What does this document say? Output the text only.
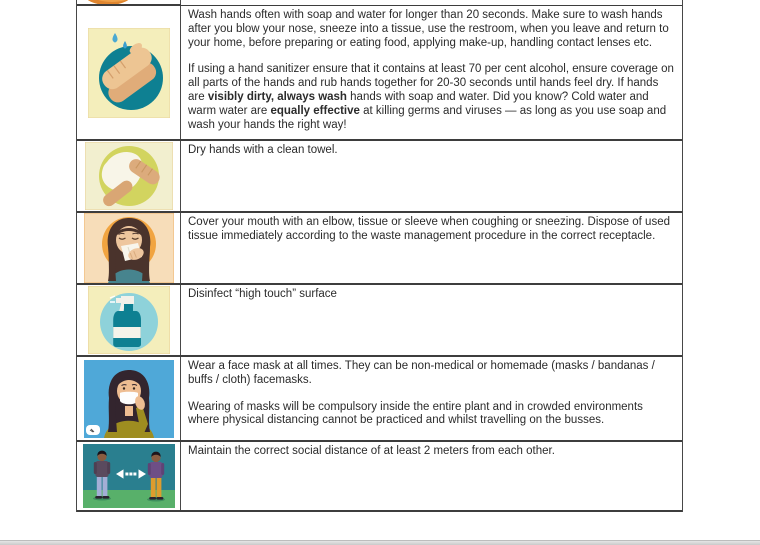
Wash hands often with soap and water for longer than 20 seconds. Make sure to wash hands after you blow your nose, sneeze into a tissue, use the restroom, when you leave and return to your home, before preparing or eating food, applying make-up, handling contact lenses etc.

If using a hand sanitizer ensure that it contains at least 70 per cent alcohol, ensure coverage on all parts of the hands and rub hands together for 20-30 seconds until hands feel dry. If hands are visibly dirty, always wash hands with soap and water. Did you know? Cold water and warm water are equally effective at killing germs and viruses — as long as you use soap and wash your hands the right way!

Dry hands with a clean towel.

Cover your mouth with an elbow, tissue or sleeve when coughing or sneezing. Dispose of used tissue immediately according to the waste management procedure in the correct receptacle.

Disinfect “high touch” surface

Wear a face mask at all times. They can be non-medical or homemade (masks / bandanas / buffs / cloth) facemasks.

Wearing of masks will be compulsory inside the entire plant and in crowded environments where physical distancing cannot be practiced and whilst travelling on the busses.

Maintain the correct social distance of at least 2 meters from each other.
